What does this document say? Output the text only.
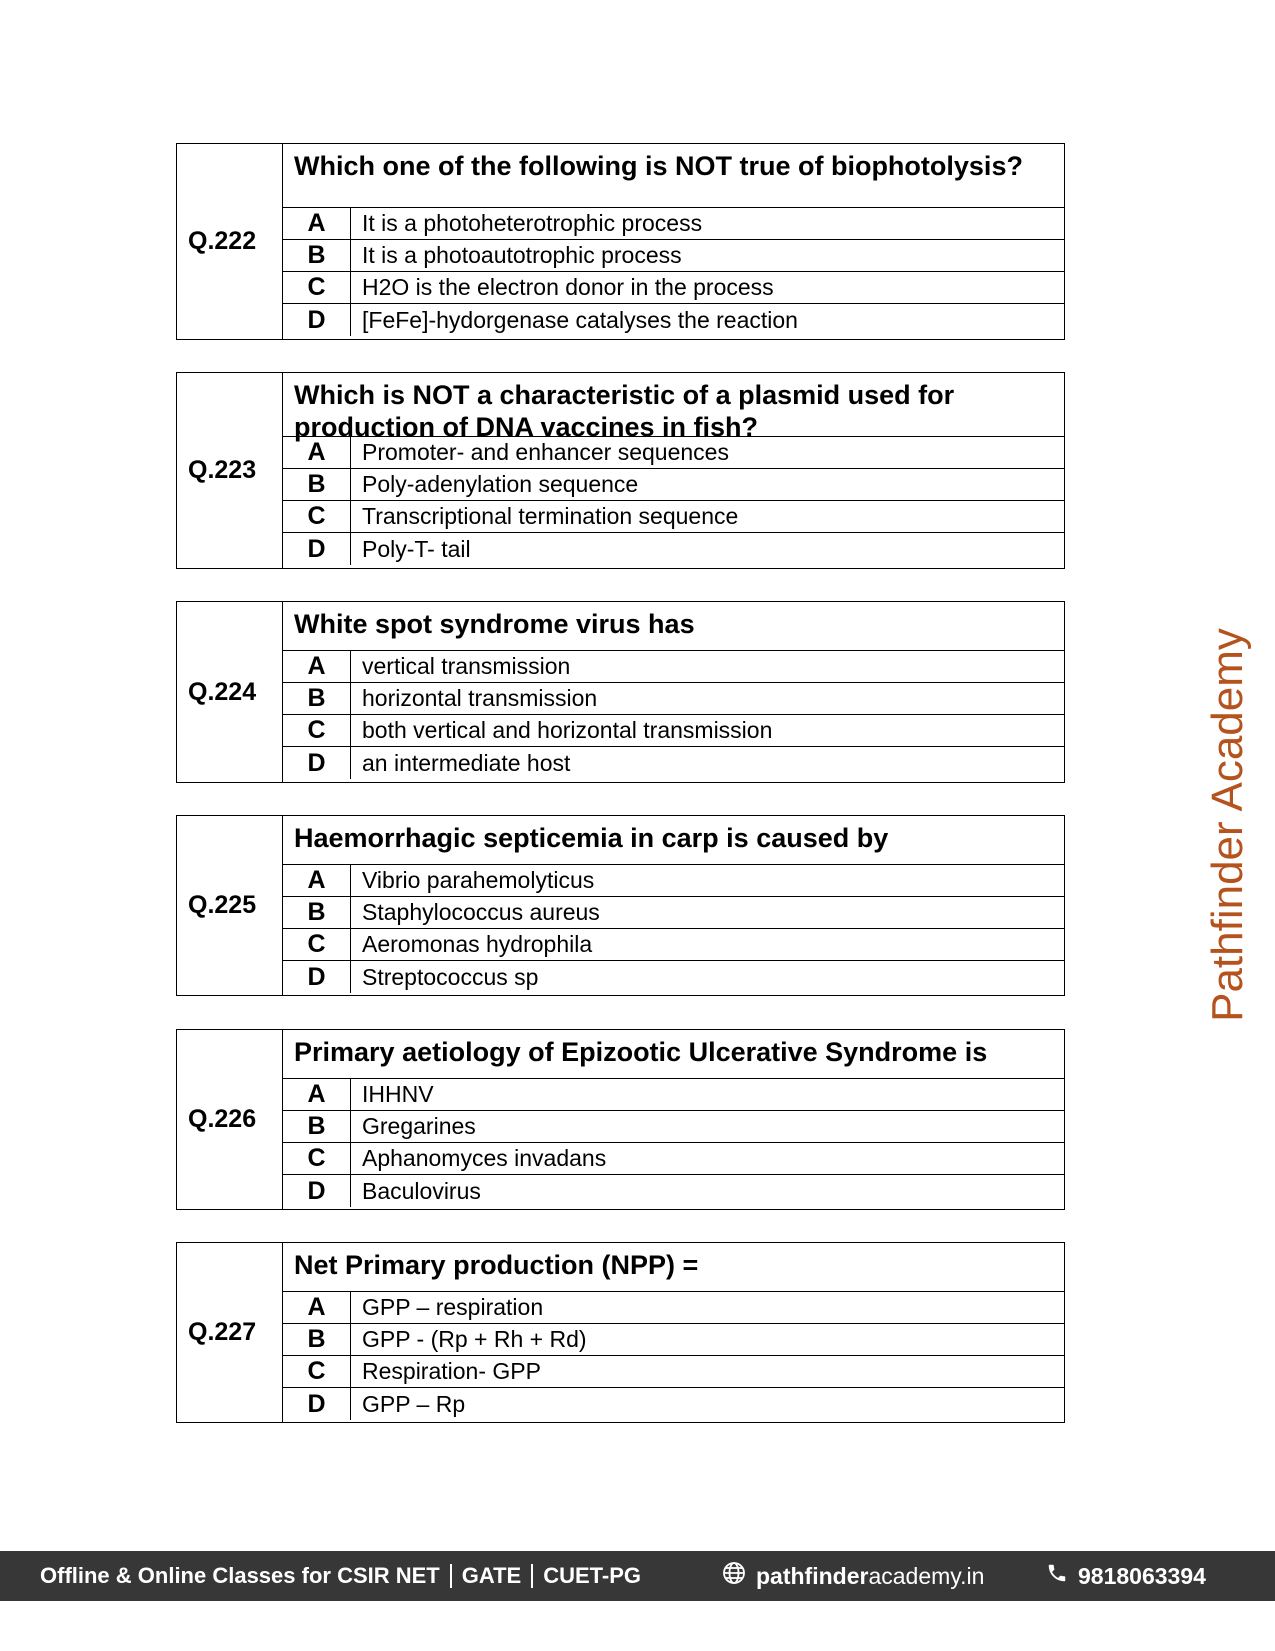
Q.222
Which one of the following is NOT true of biophotolysis?
A	It is a photoheterotrophic process
B	It is a photoautotrophic process
C	H2O is the electron donor in the process
D	[FeFe]-hydorgenase catalyses the reaction
Q.223
Which is NOT a characteristic of a plasmid used for production of DNA vaccines in fish?
A	Promoter- and enhancer sequences
B	Poly-adenylation sequence
C	Transcriptional termination sequence
D	Poly-T- tail
Q.224
White spot syndrome virus has
A	vertical transmission
B	horizontal transmission
C	both vertical and horizontal transmission
D	an intermediate host
Q.225
Haemorrhagic septicemia in carp is caused by
A	Vibrio parahemolyticus
B	Staphylococcus aureus
C	Aeromonas hydrophila
D	Streptococcus sp
Q.226
Primary aetiology of Epizootic Ulcerative Syndrome is
A	IHHNV
B	Gregarines
C	Aphanomyces invadans
D	Baculovirus
Q.227
Net Primary production (NPP) =
A	GPP – respiration
B	GPP - (Rp + Rh + Rd)
C	Respiration- GPP
D	GPP – Rp
Pathfinder Academy
Offline & Online Classes for CSIR NET GATE CUET-PG	pathfinder academy.in	9818063394
